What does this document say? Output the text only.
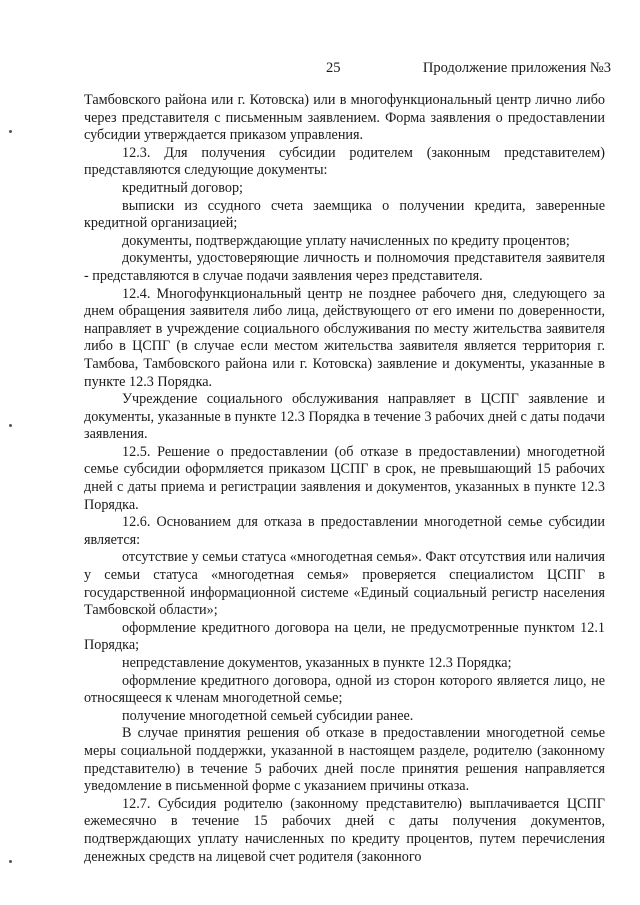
25	Продолжение приложения №3

Тамбовского района или г. Котовска) или в многофункциональный центр лично либо через представителя с письменным заявлением. Форма заявления о предоставлении субсидии утверждается приказом управления.

12.3. Для получения субсидии родителем (законным представителем) представляются следующие документы:

кредитный договор;

выписки из ссудного счета заемщика о получении кредита, заверенные кредитной организацией;

документы, подтверждающие уплату начисленных по кредиту процентов;

документы, удостоверяющие личность и полномочия представителя заявителя - представляются в случае подачи заявления через представителя.

12.4. Многофункциональный центр не позднее рабочего дня, следующего за днем обращения заявителя либо лица, действующего от его имени по доверенности, направляет в учреждение социального обслуживания по месту жительства заявителя либо в ЦСПГ (в случае если местом жительства заявителя является территория г. Тамбова, Тамбовского района или г. Котовска) заявление и документы, указанные в пункте 12.3 Порядка.

Учреждение социального обслуживания направляет в ЦСПГ заявление и документы, указанные в пункте 12.3 Порядка в течение 3 рабочих дней с даты подачи заявления.

12.5. Решение о предоставлении (об отказе в предоставлении) многодетной семье субсидии оформляется приказом ЦСПГ в срок, не превышающий 15 рабочих дней с даты приема и регистрации заявления и документов, указанных в пункте 12.3 Порядка.

12.6. Основанием для отказа в предоставлении многодетной семье субсидии является:

отсутствие у семьи статуса «многодетная семья». Факт отсутствия или наличия у семьи статуса «многодетная семья» проверяется специалистом ЦСПГ в государственной информационной системе «Единый социальный регистр населения Тамбовской области»;

оформление кредитного договора на цели, не предусмотренные пунктом 12.1 Порядка;

непредставление документов, указанных в пункте 12.3 Порядка;

оформление кредитного договора, одной из сторон которого является лицо, не относящееся к членам многодетной семье;

получение многодетной семьей субсидии ранее.

В случае принятия решения об отказе в предоставлении многодетной семье меры социальной поддержки, указанной в настоящем разделе, родителю (законному представителю) в течение 5 рабочих дней после принятия решения направляется уведомление в письменной форме с указанием причины отказа.

12.7. Субсидия родителю (законному представителю) выплачивается ЦСПГ ежемесячно в течение 15 рабочих дней с даты получения документов, подтверждающих уплату начисленных по кредиту процентов, путем перечисления денежных средств на лицевой счет родителя (законного
